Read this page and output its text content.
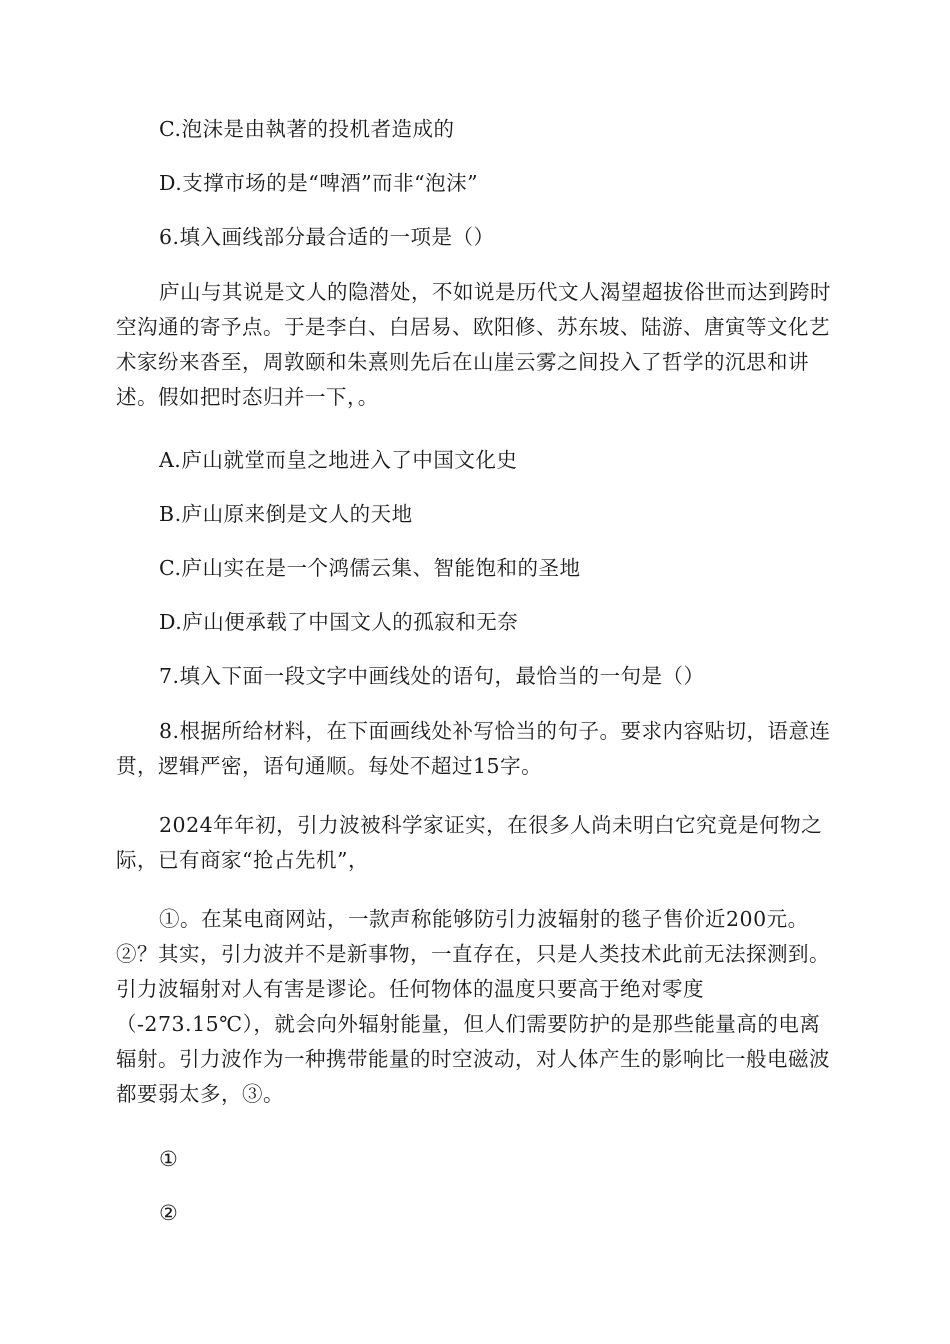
C.泡沫是由執著的投机者造成的

D.支撑市场的是“啤酒”而非“泡沫”

6.填入画线部分最合适的一项是（）

庐山与其说是文人的隐潜处，不如说是历代文人渴望超拔俗世而达到跨时空沟通的寄予点。于是李白、白居易、欧阳修、苏东坡、陆游、唐寅等文化艺术家纷来沓至，周敦颐和朱熹则先后在山崖云雾之间投入了哲学的沉思和讲述。假如把时态归并一下，。

A.庐山就堂而皇之地进入了中国文化史

B.庐山原来倒是文人的天地

C.庐山实在是一个鸿儒云集、智能饱和的圣地

D.庐山便承载了中国文人的孤寂和无奈

7.填入下面一段文字中画线处的语句，最恰当的一句是（）

8.根据所给材料，在下面画线处补写恰当的句子。要求内容贴切，语意连贯，逻辑严密，语句通顺。每处不超过15字。

2024年年初，引力波被科学家证实，在很多人尚未明白它究竟是何物之际，已有商家“抢占先机”，

①。在某电商网站，一款声称能够防引力波辐射的毯子售价近200元。②？其实，引力波并不是新事物，一直存在，只是人类技术此前无法探测到。引力波辐射对人有害是谬论。任何物体的温度只要高于绝对零度（-273.15℃），就会向外辐射能量，但人们需要防护的是那些能量高的电离辐射。引力波作为一种携带能量的时空波动，对人体产生的影响比一般电磁波都要弱太多，③。

①
②
